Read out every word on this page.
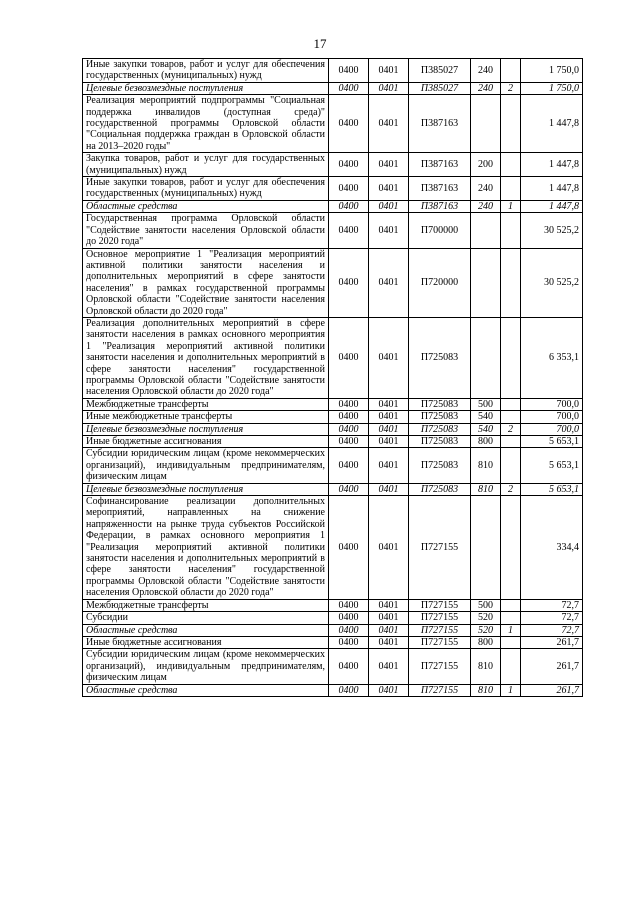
17
Иные закупки товаров, работ и услуг для обеспечения государственных (муниципальных) нужд	0400	0401	П385027	240		1 750,0
Целевые безвозмездные поступления	0400	0401	П385027	240	2	1 750,0
Реализация мероприятий подпрограммы "Социальная поддержка инвалидов (доступная среда)" государственной программы Орловской области "Социальная поддержка граждан в Орловской области на 2013–2020 годы"	0400	0401	П387163			1 447,8
Закупка товаров, работ и услуг для государственных (муниципальных) нужд	0400	0401	П387163	200		1 447,8
Иные закупки товаров, работ и услуг для обеспечения государственных (муниципальных) нужд	0400	0401	П387163	240		1 447,8
Областные средства	0400	0401	П387163	240	1	1 447,8
Государственная программа Орловской области "Содействие занятости населения Орловской области до 2020 года"	0400	0401	П700000			30 525,2
Основное мероприятие 1 "Реализация мероприятий активной политики занятости населения и дополнительных мероприятий в сфере занятости населения" в рамках государственной программы Орловской области "Содействие занятости населения Орловской области до 2020 года"	0400	0401	П720000			30 525,2
Реализация дополнительных мероприятий в сфере занятости населения в рамках основного мероприятия 1 "Реализация мероприятий активной политики занятости населения и дополнительных мероприятий в сфере занятости населения" государственной программы Орловской области "Содействие занятости населения Орловской области до 2020 года"	0400	0401	П725083			6 353,1
Межбюджетные трансферты	0400	0401	П725083	500		700,0
Иные межбюджетные трансферты	0400	0401	П725083	540		700,0
Целевые безвозмездные поступления	0400	0401	П725083	540	2	700,0
Иные бюджетные ассигнования	0400	0401	П725083	800		5 653,1
Субсидии юридическим лицам (кроме некоммерческих организаций), индивидуальным предпринимателям, физическим лицам	0400	0401	П725083	810		5 653,1
Целевые безвозмездные поступления	0400	0401	П725083	810	2	5 653,1
Софинансирование реализации дополнительных мероприятий, направленных на снижение напряженности на рынке труда субъектов Российской Федерации, в рамках основного мероприятия 1 "Реализация мероприятий активной политики занятости населения и дополнительных мероприятий в сфере занятости населения" государственной программы Орловской области "Содействие занятости населения Орловской области до 2020 года"	0400	0401	П727155			334,4
Межбюджетные трансферты	0400	0401	П727155	500		72,7
Субсидии	0400	0401	П727155	520		72,7
Областные средства	0400	0401	П727155	520	1	72,7
Иные бюджетные ассигнования	0400	0401	П727155	800		261,7
Субсидии юридическим лицам (кроме некоммерческих организаций), индивидуальным предпринимателям, физическим лицам	0400	0401	П727155	810		261,7
Областные средства	0400	0401	П727155	810	1	261,7
